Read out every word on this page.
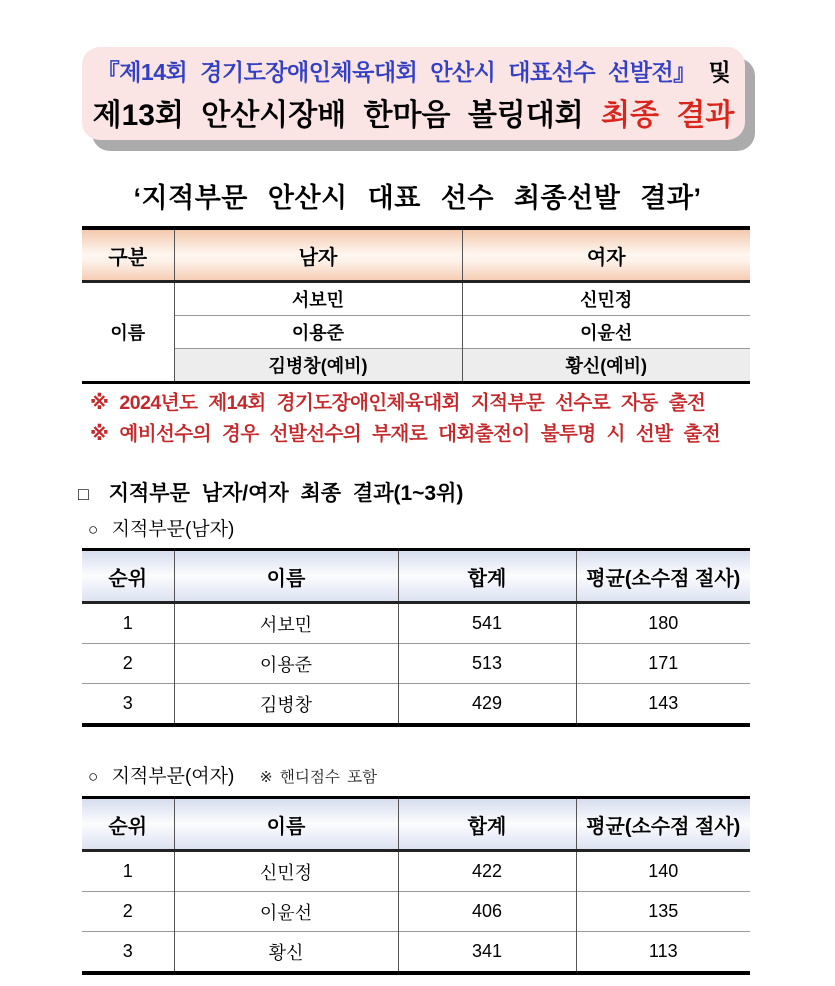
『제14회 경기도장애인체육대회 안산시 대표선수 선발전』 및
제13회 안산시장배 한마음 볼링대회 최종 결과
‘지적부문 안산시 대표 선수 최종선발 결과’
구분	남자	여자
이름	서보민	신민정
	이용준	이윤선
	김병창(예비)	황신(예비)
※ 2024년도 제14회 경기도장애인체육대회 지적부문 선수로 자동 출전
※ 예비선수의 경우 선발선수의 부재로 대회출전이 불투명 시 선발 출전
□ 지적부문 남자/여자 최종 결과(1~3위)
○ 지적부문(남자)
순위	이름	합계	평균(소수점 절사)
1	서보민	541	180
2	이용준	513	171
3	김병창	429	143
○ 지적부문(여자) ※ 핸디점수 포함
순위	이름	합계	평균(소수점 절사)
1	신민정	422	140
2	이윤선	406	135
3	황신	341	113
